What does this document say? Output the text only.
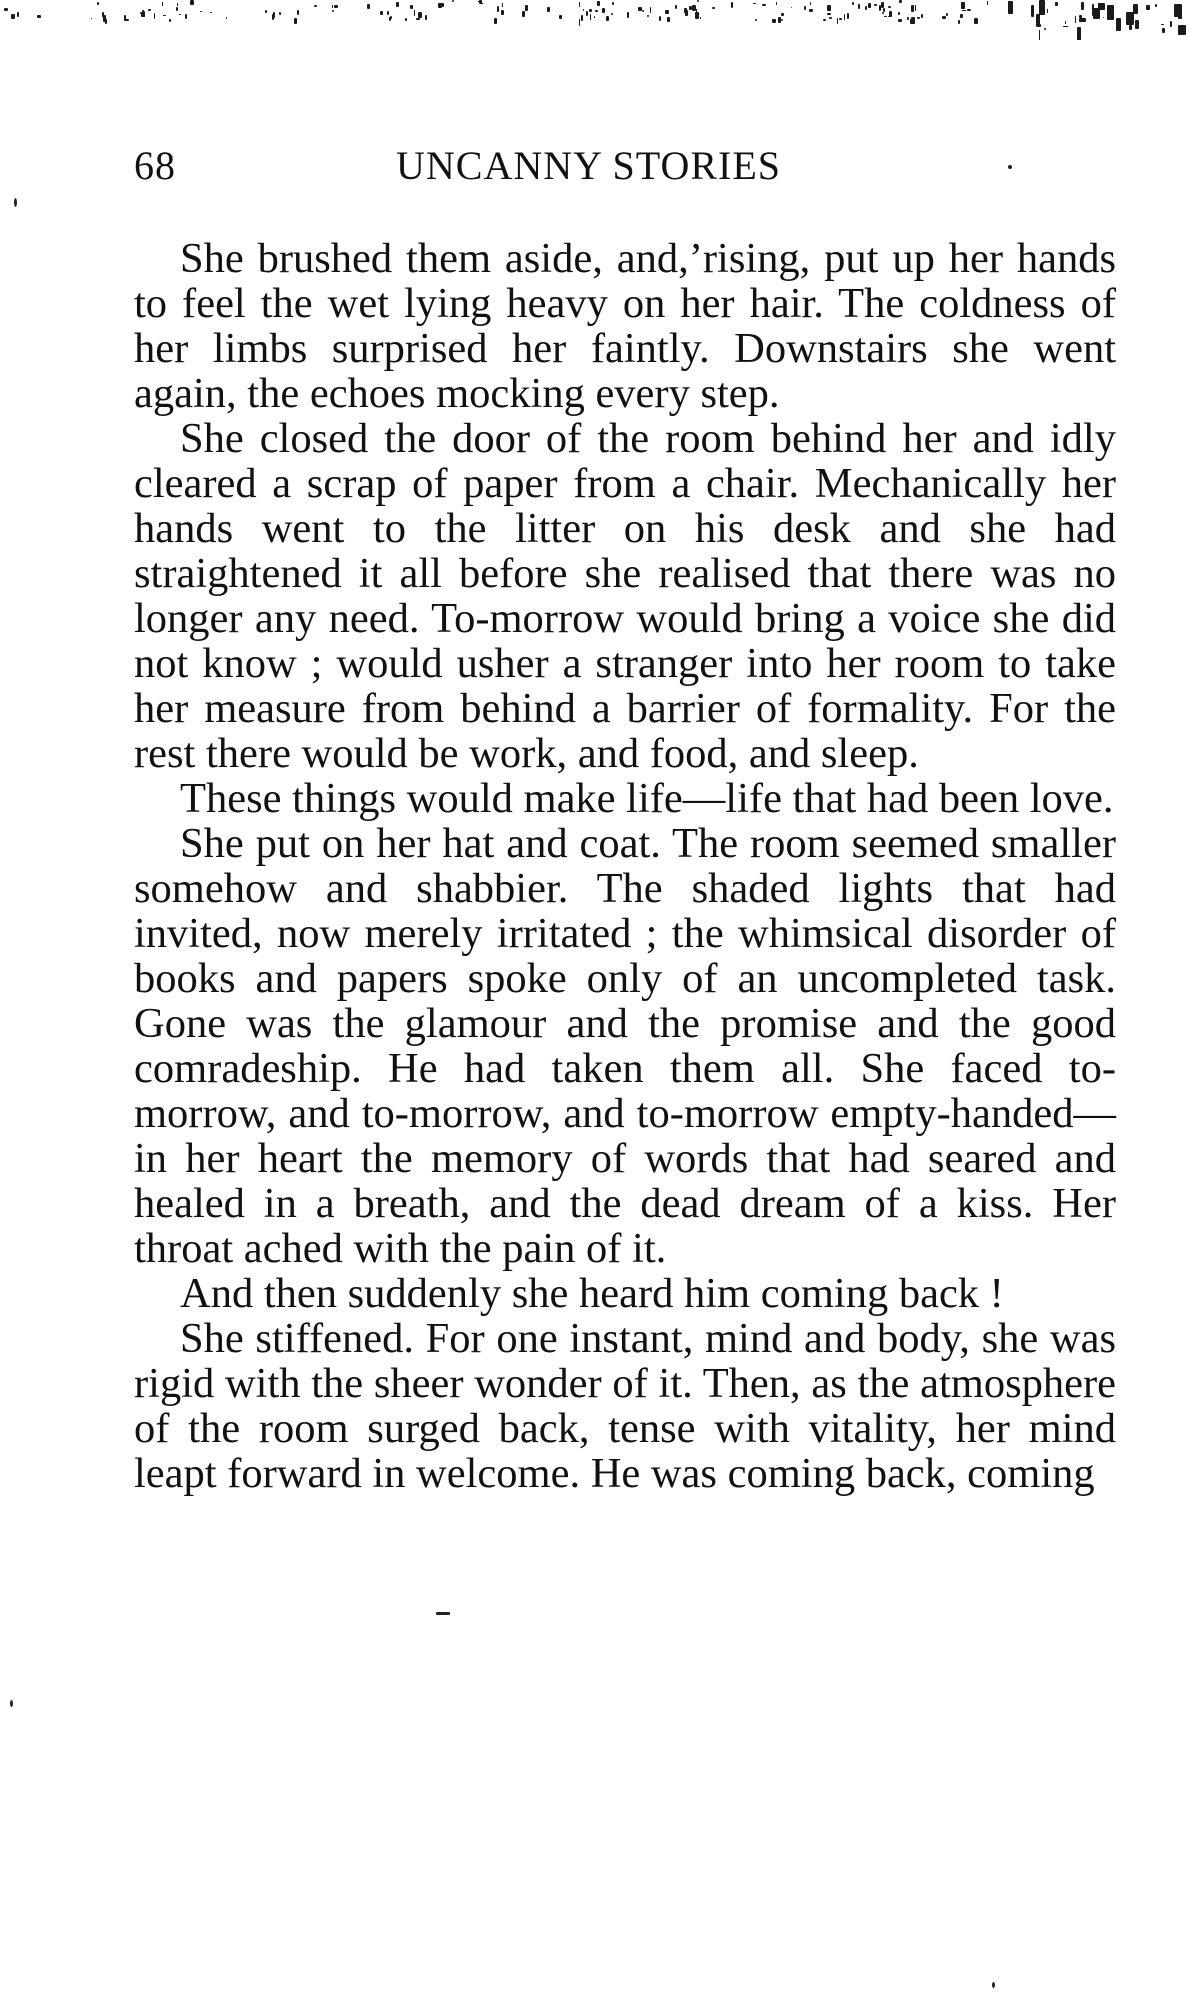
68	UNCANNY STORIES

She brushed them aside, and,’rising, put up her hands to feel the wet lying heavy on her hair. The coldness of her limbs surprised her faintly. Downstairs she went again, the echoes mocking every step.

She closed the door of the room behind her and idly cleared a scrap of paper from a chair. Mechanically her hands went to the litter on his desk and she had straightened it all before she realised that there was no longer any need. To-morrow would bring a voice she did not know ; would usher a stranger into her room to take her measure from behind a barrier of formality. For the rest there would be work, and food, and sleep.

These things would make life—life that had been love.

She put on her hat and coat. The room seemed smaller somehow and shabbier. The shaded lights that had invited, now merely irritated ; the whimsical disorder of books and papers spoke only of an uncompleted task. Gone was the glamour and the promise and the good comradeship. He had taken them all. She faced to-morrow, and to-morrow, and to-morrow empty-handed—in her heart the memory of words that had seared and healed in a breath, and the dead dream of a kiss. Her throat ached with the pain of it.

And then suddenly she heard him coming back !

She stiffened. For one instant, mind and body, she was rigid with the sheer wonder of it. Then, as the atmosphere of the room surged back, tense with vitality, her mind leapt forward in welcome. He was coming back, coming
